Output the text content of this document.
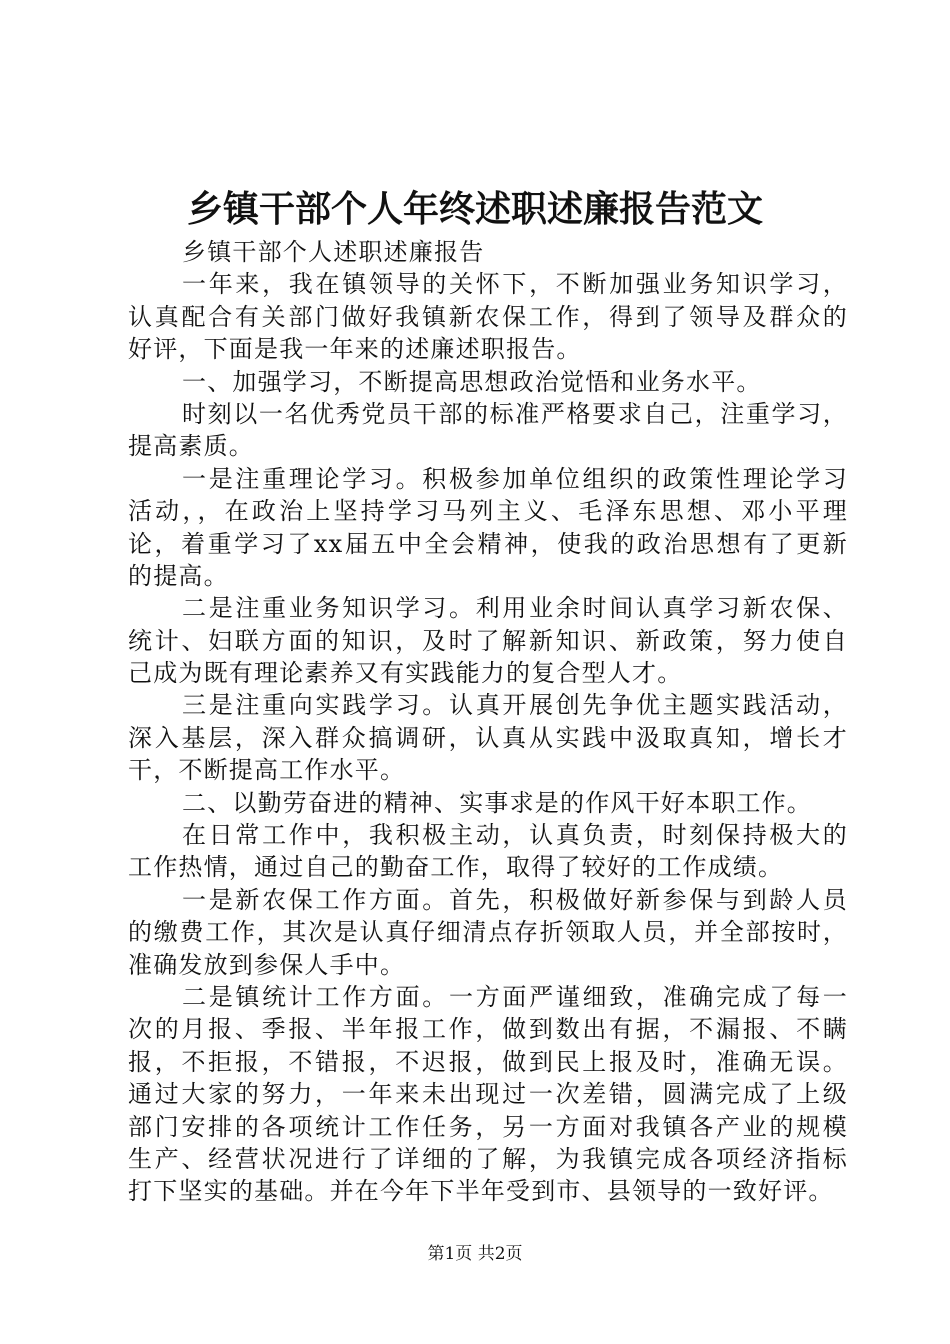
乡镇干部个人年终述职述廉报告范文
乡镇干部个人述职述廉报告
一年来，我在镇领导的关怀下，不断加强业务知识学习，
认真配合有关部门做好我镇新农保工作，得到了领导及群众的
好评，下面是我一年来的述廉述职报告。
一、加强学习，不断提高思想政治觉悟和业务水平。
时刻以一名优秀党员干部的标准严格要求自己，注重学习，
提高素质。
一是注重理论学习。积极参加单位组织的政策性理论学习
活动，，在政治上坚持学习马列主义、毛泽东思想、邓小平理
论，着重学习了xx届五中全会精神，使我的政治思想有了更新
的提高。
二是注重业务知识学习。利用业余时间认真学习新农保、
统计、妇联方面的知识，及时了解新知识、新政策，努力使自
己成为既有理论素养又有实践能力的复合型人才。
三是注重向实践学习。认真开展创先争优主题实践活动，
深入基层，深入群众搞调研，认真从实践中汲取真知，增长才
干，不断提高工作水平。
二、以勤劳奋进的精神、实事求是的作风干好本职工作。
在日常工作中，我积极主动，认真负责，时刻保持极大的
工作热情，通过自己的勤奋工作，取得了较好的工作成绩。
一是新农保工作方面。首先，积极做好新参保与到龄人员
的缴费工作，其次是认真仔细清点存折领取人员，并全部按时，
准确发放到参保人手中。
二是镇统计工作方面。一方面严谨细致，准确完成了每一
次的月报、季报、半年报工作，做到数出有据，不漏报、不瞒
报，不拒报，不错报，不迟报，做到民上报及时，准确无误。
通过大家的努力，一年来未出现过一次差错，圆满完成了上级
部门安排的各项统计工作任务，另一方面对我镇各产业的规模
生产、经营状况进行了详细的了解，为我镇完成各项经济指标
打下坚实的基础。并在今年下半年受到市、县领导的一致好评。
第1页 共2页
